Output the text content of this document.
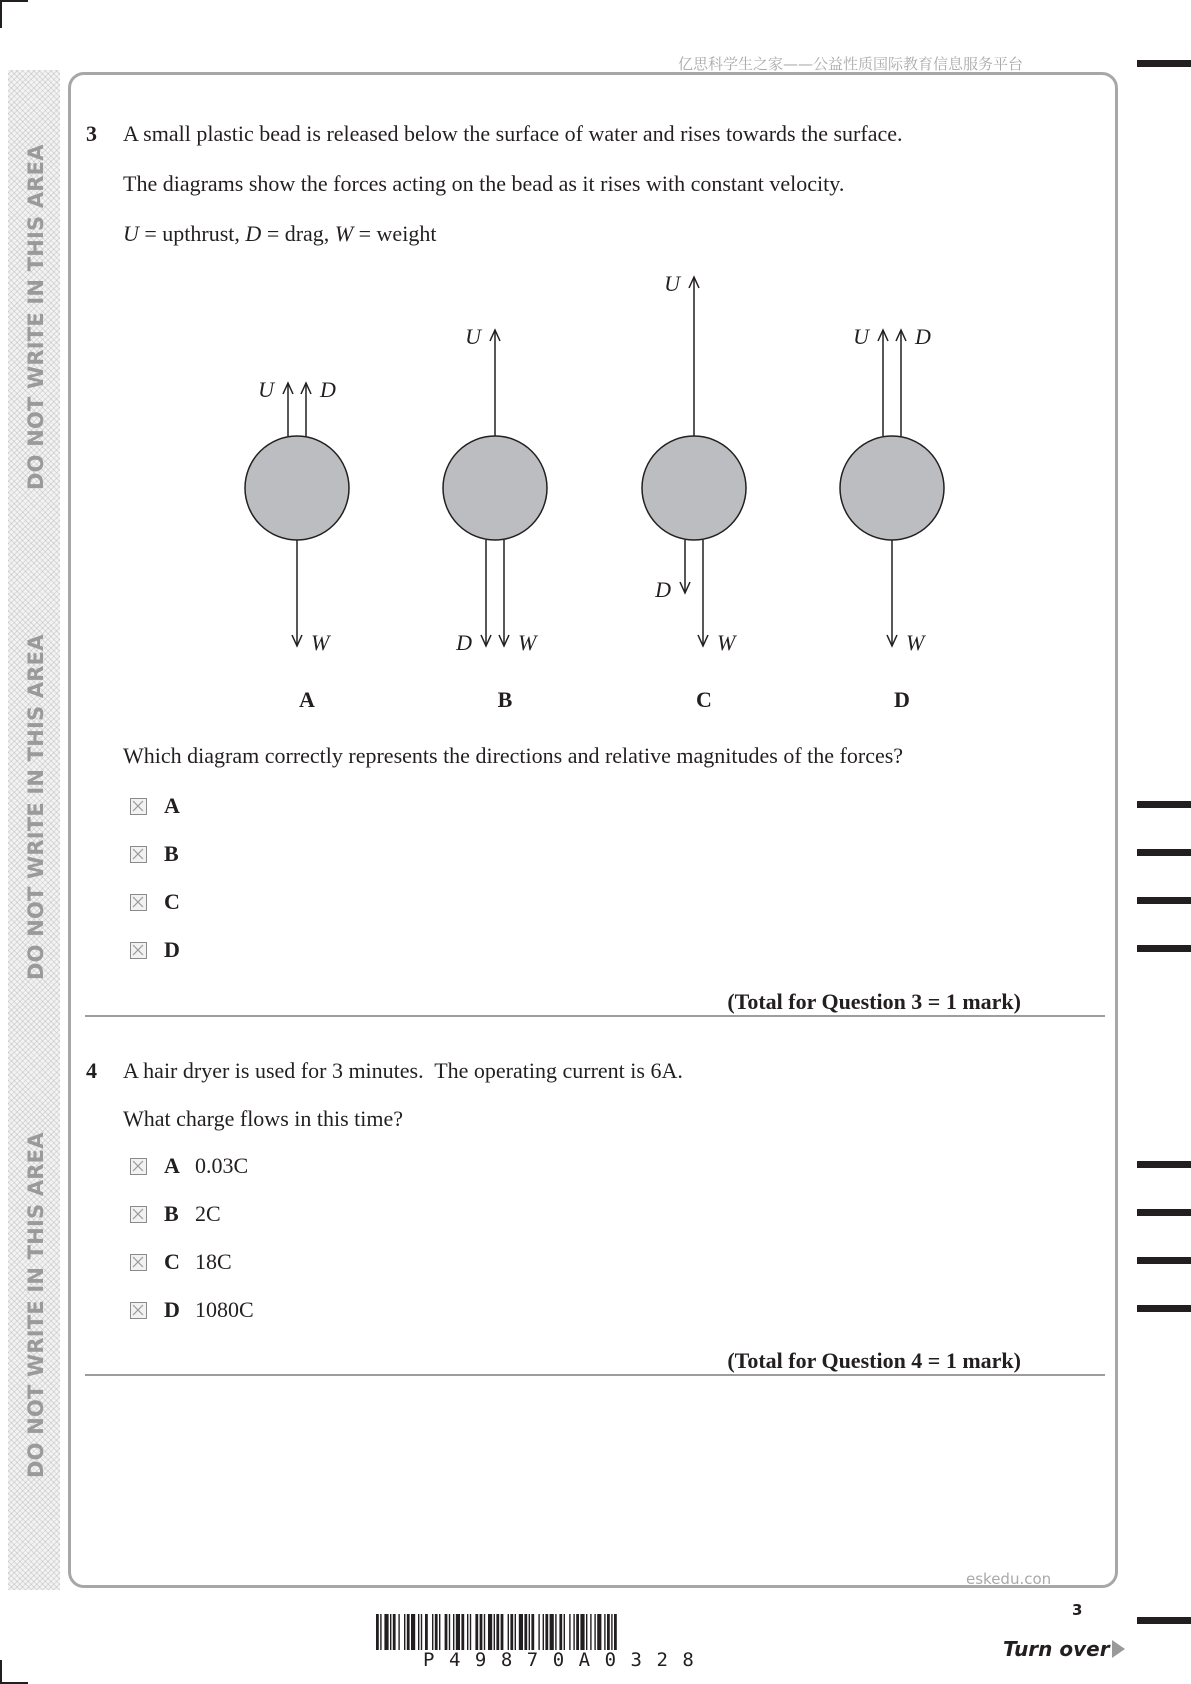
DO NOT WRITE IN THIS AREA
DO NOT WRITE IN THIS AREA
DO NOT WRITE IN THIS AREA
亿思科学生之家——公益性质国际教育信息服务平台
3 A small plastic bead is released below the surface of water and rises towards the surface.
The diagrams show the forces acting on the bead as it rises with constant velocity.
U = upthrust, D = drag, W = weight
U D
W
A
U
W
D
B
U
W
D
C
U D
W
D
Which diagram correctly represents the directions and relative magnitudes of the forces?
A
B
C
D
(Total for Question 3 = 1 mark)
4 A hair dryer is used for 3 minutes.  The operating current is 6A.
What charge flows in this time?
A 0.03C
B 2C
C 18C
D 1080C
(Total for Question 4 = 1 mark)
eskedu.con
3
P49870A0328	Turn over
